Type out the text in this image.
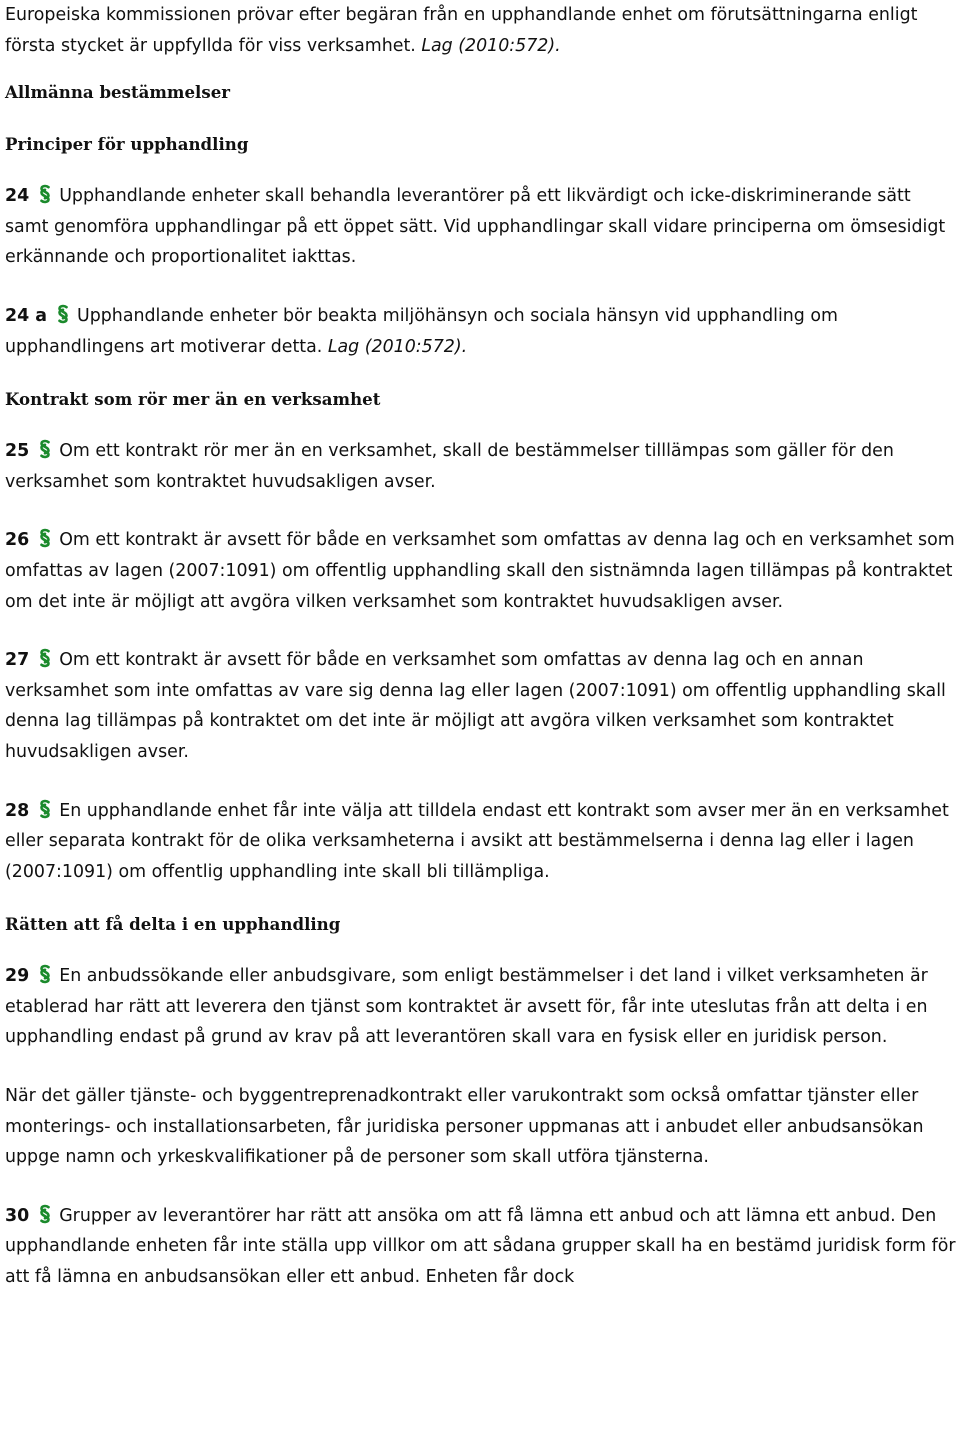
Europeiska kommissionen prövar efter begäran från en upphandlande enhet om förutsättningarna enligt första stycket är uppfyllda för viss verksamhet. Lag (2010:572).

Allmänna bestämmelser
Principer för upphandling

24 Upphandlande enheter skall behandla leverantörer på ett likvärdigt och icke-diskriminerande sätt samt genomföra upphandlingar på ett öppet sätt. Vid upphandlingar skall vidare principerna om ömsesidigt erkännande och proportionalitet iakttas.

24 a Upphandlande enheter bör beakta miljöhänsyn och sociala hänsyn vid upphandling om upphandlingens art motiverar detta. Lag (2010:572).

Kontrakt som rör mer än en verksamhet

25 Om ett kontrakt rör mer än en verksamhet, skall de bestämmelser tilllämpas som gäller för den verksamhet som kontraktet huvudsakligen avser.

26 Om ett kontrakt är avsett för både en verksamhet som omfattas av denna lag och en verksamhet som omfattas av lagen (2007:1091) om offentlig upphandling skall den sistnämnda lagen tillämpas på kontraktet om det inte är möjligt att avgöra vilken verksamhet som kontraktet huvudsakligen avser.

27 Om ett kontrakt är avsett för både en verksamhet som omfattas av denna lag och en annan verksamhet som inte omfattas av vare sig denna lag eller lagen (2007:1091) om offentlig upphandling skall denna lag tillämpas på kontraktet om det inte är möjligt att avgöra vilken verksamhet som kontraktet huvudsakligen avser.

28 En upphandlande enhet får inte välja att tilldela endast ett kontrakt som avser mer än en verksamhet eller separata kontrakt för de olika verksamheterna i avsikt att bestämmelserna i denna lag eller i lagen (2007:1091) om offentlig upphandling inte skall bli tillämpliga.

Rätten att få delta i en upphandling

29 En anbudssökande eller anbudsgivare, som enligt bestämmelser i det land i vilket verksamheten är etablerad har rätt att leverera den tjänst som kontraktet är avsett för, får inte uteslutas från att delta i en upphandling endast på grund av krav på att leverantören skall vara en fysisk eller en juridisk person.

När det gäller tjänste- och byggentreprenadkontrakt eller varukontrakt som också omfattar tjänster eller monterings- och installationsarbeten, får juridiska personer uppmanas att i anbudet eller anbudsansökan uppge namn och yrkeskvalifikationer på de personer som skall utföra tjänsterna.

30 Grupper av leverantörer har rätt att ansöka om att få lämna ett anbud och att lämna ett anbud. Den upphandlande enheten får inte ställa upp villkor om att sådana grupper skall ha en bestämd juridisk form för att få lämna en anbudsansökan eller ett anbud. Enheten får dock
